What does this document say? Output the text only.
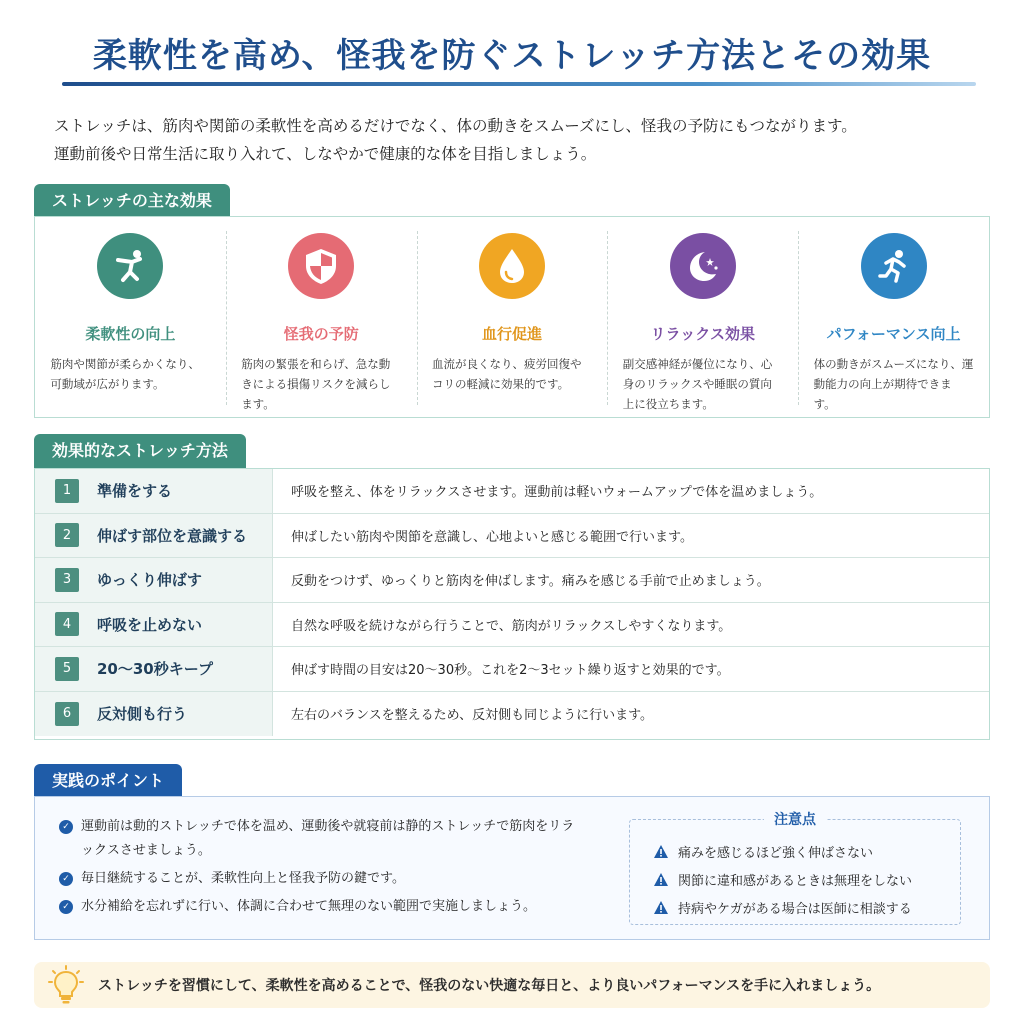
柔軟性を高め、怪我を防ぐストレッチ方法とその効果

ストレッチは、筋肉や関節の柔軟性を高めるだけでなく、体の動きをスムーズにし、怪我の予防にもつながります。

運動前後や日常生活に取り入れて、しなやかで健康的な体を目指しましょう。

ストレッチの主な効果
柔軟性の向上
筋肉や関節が柔らかくなり、可動域が広がります。
怪我の予防
筋肉の緊張を和らげ、急な動きによる損傷リスクを減らします。
血行促進
血流が良くなり、疲労回復やコリの軽減に効果的です。
リラックス効果
副交感神経が優位になり、心身のリラックスや睡眠の質向上に役立ちます。
パフォーマンス向上
体の動きがスムーズになり、運動能力の向上が期待できます。
効果的なストレッチ方法
1	準備をする	呼吸を整え、体をリラックスさせます。運動前は軽いウォームアップで体を温めましょう。
2	伸ばす部位を意識する	伸ばしたい筋肉や関節を意識し、心地よいと感じる範囲で行います。
3	ゆっくり伸ばす	反動をつけず、ゆっくりと筋肉を伸ばします。痛みを感じる手前で止めましょう。
4	呼吸を止めない	自然な呼吸を続けながら行うことで、筋肉がリラックスしやすくなります。
5	20〜30秒キープ	伸ばす時間の目安は20〜30秒。これを2〜3セット繰り返すと効果的です。
6	反対側も行う	左右のバランスを整えるため、反対側も同じように行います。
実践のポイント
✓ 運動前は動的ストレッチで体を温め、運動後や就寝前は静的ストレッチで筋肉をリラックスさせましょう。
✓ 毎日継続することが、柔軟性向上と怪我予防の鍵です。
✓ 水分補給を忘れずに行い、体調に合わせて無理のない範囲で実施しましょう。
注意点
痛みを感じるほど強く伸ばさない
関節に違和感があるときは無理をしない
持病やケガがある場合は医師に相談する
ストレッチを習慣にして、柔軟性を高めることで、怪我のない快適な毎日と、より良いパフォーマンスを手に入れましょう。
